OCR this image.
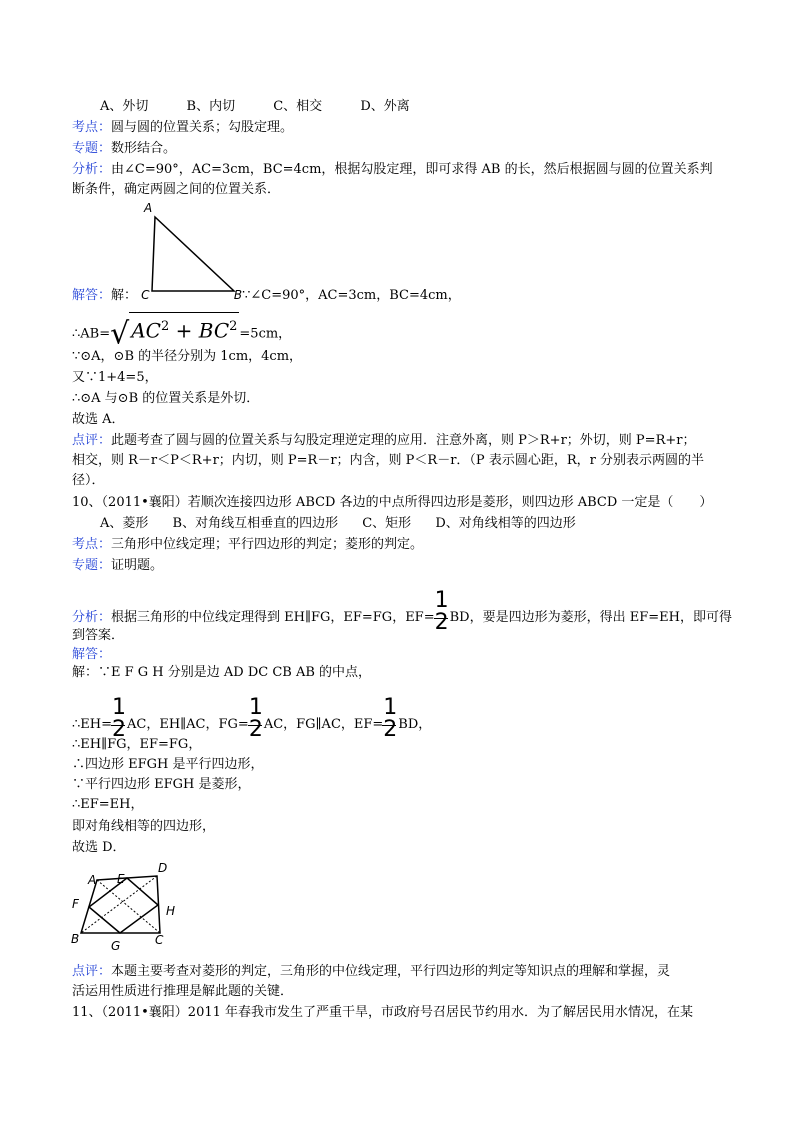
A、外切	B、内切	C、相交	D、外离
考点：圆与圆的位置关系；勾股定理。
专题：数形结合。
分析：由∠C=90°，AC=3cm，BC=4cm，根据勾股定理，即可求得 AB 的长，然后根据圆与圆的位置关系判
断条件，确定两圆之间的位置关系．
A
解答：解： C	B∵∠C=90°，AC=3cm，BC=4cm，
∴AB=√ $AC^2 + BC^2=5cm$，
∵⊙A，⊙B 的半径分别为 1cm，4cm，
又∵1+4=5，
∴⊙A 与⊙B 的位置关系是外切．
故选 A．
点评：此题考查了圆与圆的位置关系与勾股定理逆定理的应用．注意外离，则 P＞R+r；外切，则 P=R+r；
相交，则 R－r＜P＜R+r；内切，则 P=R－r；内含，则 P＜R－r．（P 表示圆心距，R，r 分别表示两圆的半
径）．
10、（2011•襄阳）若顺次连接四边形 ABCD 各边的中点所得四边形是菱形，则四边形 ABCD 一定是（　　）
A、菱形 B、对角线互相垂直的四边形 C、矩形 D、对角线相等的四边形
考点：三角形中位线定理；平行四边形的判定；菱形的判定。
专题：证明题。
分析：根据三角形的中位线定理得到 EH∥FG，EF=FG，$EF= \frac{1}{2}BD$，要是四边形为菱形，得出 EF=EH，即可得
到答案．
解答：
解：∵E F G H 分别是边 AD DC CB AB 的中点，
∴EH= $\frac{1}{2}AC$，EH∥AC，$FG= \frac{1}{2}AC$，FG∥AC，$EF= \frac{1}{2}BD$，
∴EH∥FG，EF=FG，
∴四边形 EFGH 是平行四边形，
∵平行四边形 EFGH 是菱形，
∴EF=EH，
即对角线相等的四边形，
故选 D．
A E
D
F	H
B	G	C
点评：本题主要考查对菱形的判定，三角形的中位线定理，平行四边形的判定等知识点的理解和掌握，灵
活运用性质进行推理是解此题的关键．
11、（2011•襄阳）2011 年春我市发生了严重干旱，市政府号召居民节约用水．为了解居民用水情况，在某
